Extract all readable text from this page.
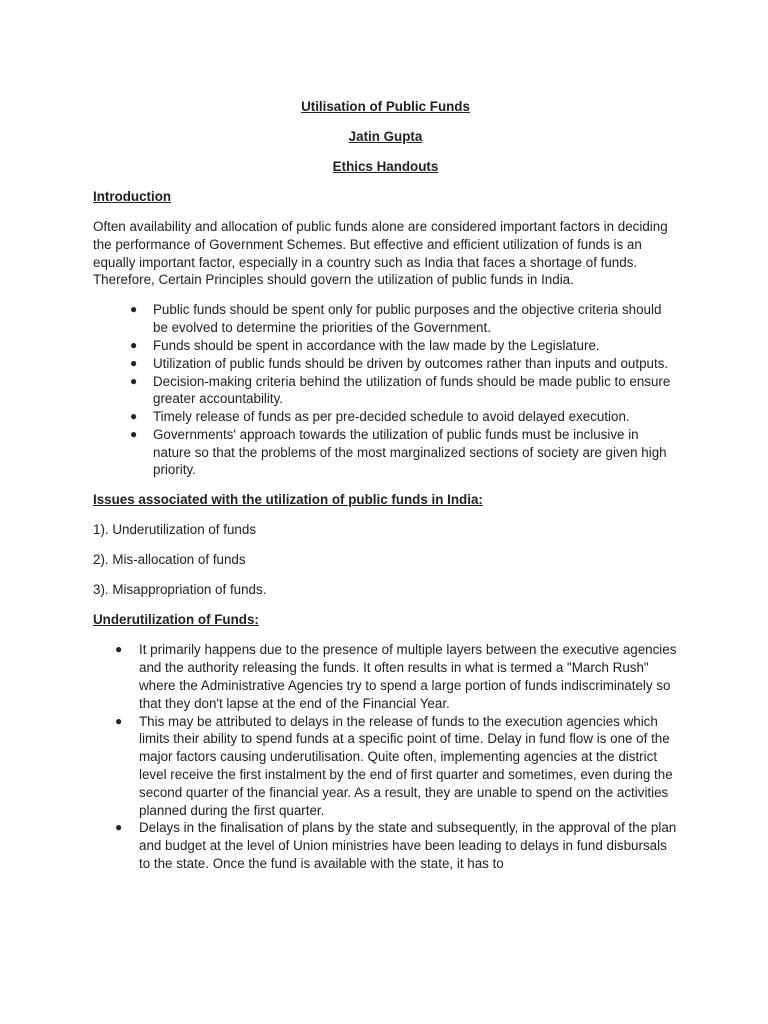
Utilisation of Public Funds
Jatin Gupta
Ethics Handouts
Introduction

Often availability and allocation of public funds alone are considered important factors in deciding the performance of Government Schemes. But effective and efficient utilization of funds is an equally important factor, especially in a country such as India that faces a shortage of funds. Therefore, Certain Principles should govern the utilization of public funds in India.

● Public funds should be spent only for public purposes and the objective criteria should be evolved to determine the priorities of the Government.
● Funds should be spent in accordance with the law made by the Legislature.
● Utilization of public funds should be driven by outcomes rather than inputs and outputs.
● Decision-making criteria behind the utilization of funds should be made public to ensure greater accountability.
● Timely release of funds as per pre-decided schedule to avoid delayed execution.
● Governments' approach towards the utilization of public funds must be inclusive in nature so that the problems of the most marginalized sections of society are given high priority.
Issues associated with the utilization of public funds in India:

1). Underutilization of funds

2). Mis-allocation of funds

3). Misappropriation of funds.

Underutilization of Funds:
● It primarily happens due to the presence of multiple layers between the executive agencies and the authority releasing the funds. It often results in what is termed a "March Rush" where the Administrative Agencies try to spend a large portion of funds indiscriminately so that they don't lapse at the end of the Financial Year.
● This may be attributed to delays in the release of funds to the execution agencies which limits their ability to spend funds at a specific point of time. Delay in fund flow is one of the major factors causing underutilisation. Quite often, implementing agencies at the district level receive the first instalment by the end of first quarter and sometimes, even during the second quarter of the financial year. As a result, they are unable to spend on the activities planned during the first quarter.
● Delays in the finalisation of plans by the state and subsequently, in the approval of the plan and budget at the level of Union ministries have been leading to delays in fund disbursals to the state. Once the fund is available with the state, it has to
